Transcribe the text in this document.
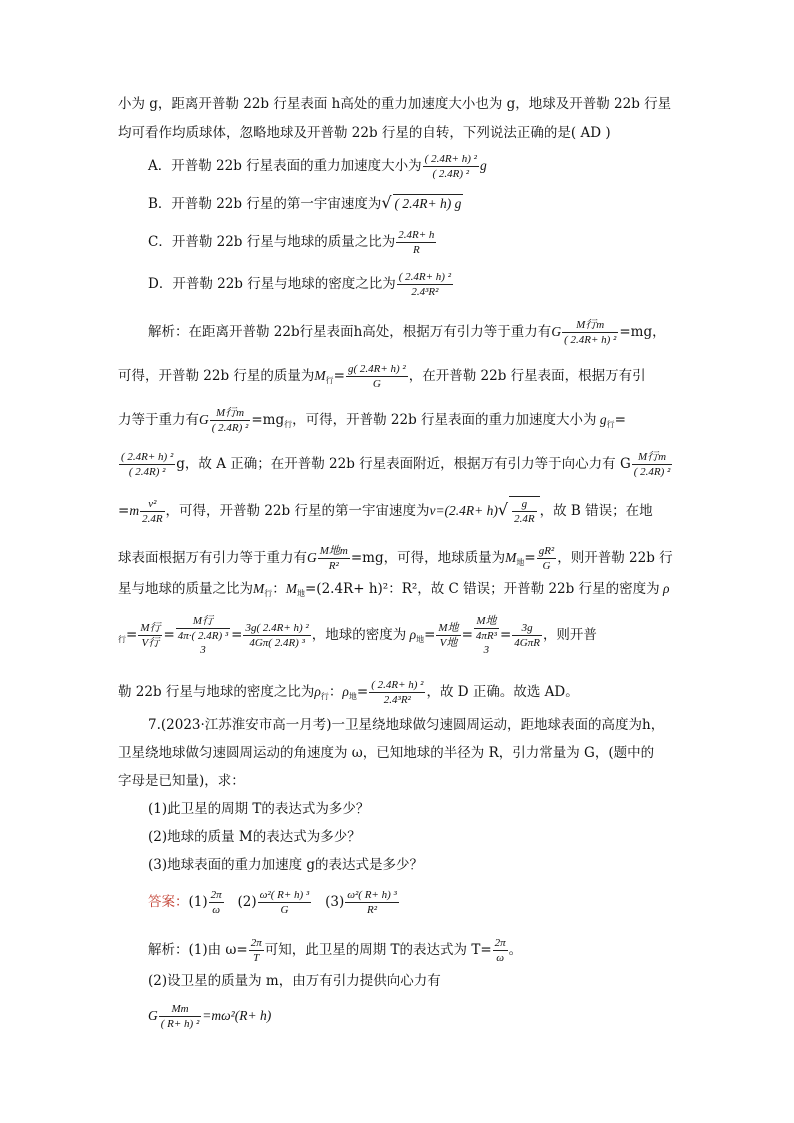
小为 g，距离开普勒 22b 行星表面 h高处的重力加速度大小也为 g，地球及开普勒 22b 行星
均可看作均质球体，忽略地球及开普勒 22b 行星的自转，下列说法正确的是( AD )
A．开普勒 22b 行星表面的重力加速度大小为 $\frac{\text{( 2.4R+ h) ²}}{\text{( 2.4R) ²}}$ g
B．开普勒 22b 行星的第一宇宙速度为√ ( 2.4R+ h) g
C．开普勒 22b 行星与地球的质量之比为 $\frac{2.4R+ h}{R}$
D．开普勒 22b 行星与地球的密度之比为 $\frac{\text{( 2.4R+ h) ²}}{\text{2.4³R²}}$
解析：在距离开普勒 22b行星表面h高处，根据万有引力等于重力有G $\frac{\text{M行m}}{\text{( 2.4R+ h) ²}} =mg$，
可得，开普勒 22b 行星的质量为$M_行= \frac{\text{g( 2.4R+ h) ²}}{G}$ ，在开普勒 22b 行星表面，根据万有引
力等于重力有G $\frac{\text{M行m}}{\text{( 2.4R) ²}} =mg_行$，可得，开普勒 22b 行星表面的重力加速度大小为 $g_行=$
$\frac{\text{( 2.4R+ h) ²}}{\text{( 2.4R) ²}}$ g，故 A 正确；在开普勒 22b 行星表面附近，根据万有引力等于向心力有 G $\frac{\text{M行m}}{\text{( 2.4R) ²}}$
$=m \frac{\text{v²}}{2.4R}$ ，可得，开普勒 22b 行星的第一宇宙速度为$v=(2.4R+ h)√ \frac{g}{2.4R}$ ，故 B 错误；在地
球表面根据万有引力等于重力有G $\frac{\text{M地m}}{\text{R²}} =mg$，可得，地球质量为$M_地= \frac{\text{gR²}}{G}$ ，则开普勒 22b 行
星与地球的质量之比为$M_行$：$M_地=(2.4R+ h)^2$：R²，故 C 错误；开普勒 22b 行星的密度为 ρ
$_行= \frac{\text{M行}}{\text{V行}}$ =
M行
4π·( 2.4R) ³
3
= $\frac{\text{3g( 2.4R+ h) ²}}{\text{4Gπ( 2.4R) ³}}$ ，地球的密度为 $\rho_地= \frac{\text{M地}}{\text{V地}}$ =
M地
4πR³
3
= $\frac{3g}{\text{4GπR}}$ ，则开普
勒 22b 行星与地球的密度之比为$\rho_行$：$\rho_地= \frac{\text{( 2.4R+ h) ²}}{\text{2.4³R²}}$ ，故 D 正确。故选 AD。
7.(2023·江苏淮安市高一月考)一卫星绕地球做匀速圆周运动，距地球表面的高度为h，
卫星绕地球做匀速圆周运动的角速度为 ω，已知地球的半径为 R，引力常量为 G，(题中的
字母是已知量)，求：
(1)此卫星的周期 T的表达式为多少？
(2)地球的质量 M的表达式为多少？
(3)地球表面的重力加速度 g的表达式是多少？
答案：$(1) \frac{2\pi}{\omega} (2) \frac{\text{ω²( R+ h) ³}}{G} (3) \frac{\text{ω²( R+ h) ³}}{\text{R²}}$
解析：(1)由 $\omega= \frac{2\pi}{T}$ 可知，此卫星的周期 T的表达式为 $T= \frac{2\pi}{\omega}$ 。
(2)设卫星的质量为 m，由万有引力提供向心力有
G $\frac{Mm}{\text{( R+ h) ²}} =m\omega^2(R+ h)$
